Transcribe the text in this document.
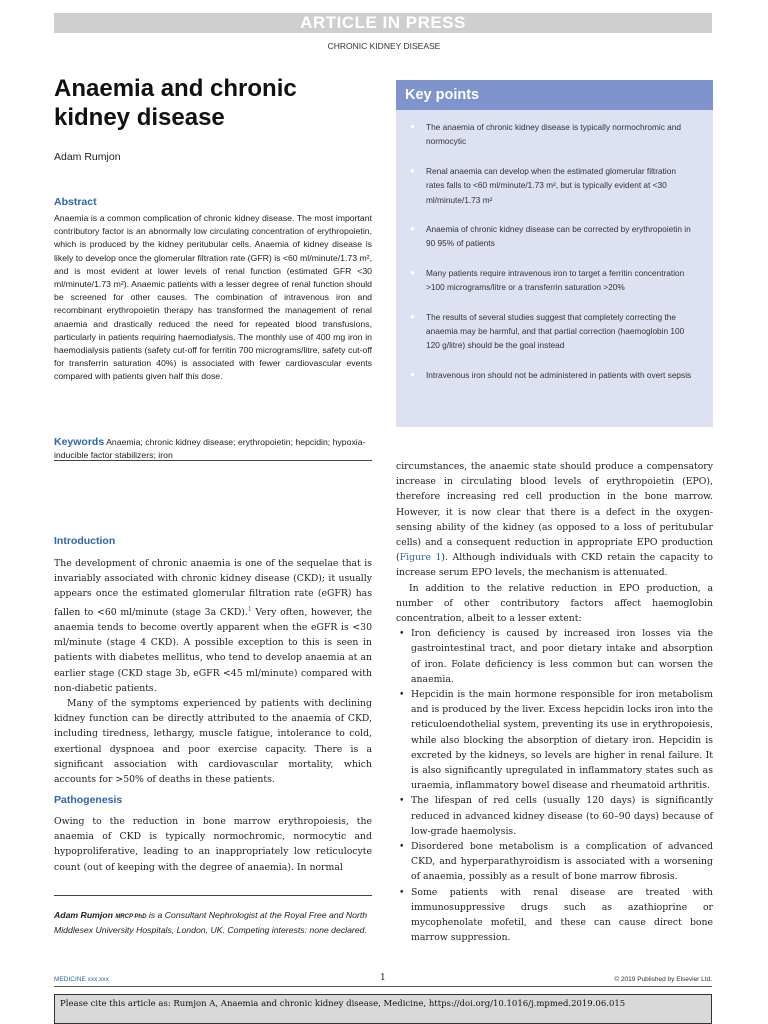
ARTICLE IN PRESS
CHRONIC KIDNEY DISEASE
Anaemia and chronic kidney disease
Adam Rumjon
Abstract
Anaemia is a common complication of chronic kidney disease. The most important contributory factor is an abnormally low circulating concentration of erythropoietin, which is produced by the kidney peritubular cells. Anaemia of kidney disease is likely to develop once the glomerular filtration rate (GFR) is <60 ml/minute/1.73 m², and is most evident at lower levels of renal function (estimated GFR <30 ml/minute/1.73 m²). Anaemic patients with a lesser degree of renal function should be screened for other causes. The combination of intravenous iron and recombinant erythropoietin therapy has transformed the management of renal anaemia and drastically reduced the need for repeated blood transfusions, particularly in patients requiring haemodialysis. The monthly use of 400 mg iron in haemodialysis patients (safety cut-off for ferritin 700 micrograms/litre, safety cut-off for transferrin saturation 40%) is associated with fewer cardiovascular events compared with patients given half this dose.
Keywords Anaemia; chronic kidney disease; erythropoietin; hepcidin; hypoxia-inducible factor stabilizers; iron
Key points
● The anaemia of chronic kidney disease is typically normochromic and normocytic
● Renal anaemia can develop when the estimated glomerular filtration rates falls to <60 ml/minute/1.73 m², but is typically evident at <30 ml/minute/1.73 m²
● Anaemia of chronic kidney disease can be corrected by erythropoietin in 90 95% of patients
● Many patients require intravenous iron to target a ferritin concentration >100 micrograms/litre or a transferrin saturation >20%
● The results of several studies suggest that completely correcting the anaemia may be harmful, and that partial correction (haemoglobin 100 120 g/litre) should be the goal instead
● Intravenous iron should not be administered in patients with overt sepsis
Introduction

The development of chronic anaemia is one of the sequelae that is invariably associated with chronic kidney disease (CKD); it usually appears once the estimated glomerular filtration rate (eGFR) has fallen to <60 ml/minute (stage 3a CKD).$^1$ Very often, however, the anaemia tends to become overtly apparent when the eGFR is <30 ml/minute (stage 4 CKD). A possible exception to this is seen in patients with diabetes mellitus, who tend to develop anaemia at an earlier stage (CKD stage 3b, eGFR <45 ml/minute) compared with non-diabetic patients.

Many of the symptoms experienced by patients with declining kidney function can be directly attributed to the anaemia of CKD, including tiredness, lethargy, muscle fatigue, intolerance to cold, exertional dyspnoea and poor exercise capacity. There is a significant association with cardiovascular mortality, which accounts for >50% of deaths in these patients.

Pathogenesis

Owing to the reduction in bone marrow erythropoiesis, the anaemia of CKD is typically normochromic, normocytic and hypoproliferative, leading to an inappropriately low reticulocyte count (out of keeping with the degree of anaemia). In normal

circumstances, the anaemic state should produce a compensatory increase in circulating blood levels of erythropoietin (EPO), therefore increasing red cell production in the bone marrow. However, it is now clear that there is a defect in the oxygen-sensing ability of the kidney (as opposed to a loss of peritubular cells) and a consequent reduction in appropriate EPO production (Figure 1). Although individuals with CKD retain the capacity to increase serum EPO levels, the mechanism is attenuated.

In addition to the relative reduction in EPO production, a number of other contributory factors affect haemoglobin concentration, albeit to a lesser extent:

• Iron deficiency is caused by increased iron losses via the gastrointestinal tract, and poor dietary intake and absorption of iron. Folate deficiency is less common but can worsen the anaemia.
• Hepcidin is the main hormone responsible for iron metabolism and is produced by the liver. Excess hepcidin locks iron into the reticuloendothelial system, preventing its use in erythropoiesis, while also blocking the absorption of dietary iron. Hepcidin is excreted by the kidneys, so levels are higher in renal failure. It is also significantly upregulated in inflammatory states such as uraemia, inflammatory bowel disease and rheumatoid arthritis.
• The lifespan of red cells (usually 120 days) is significantly reduced in advanced kidney disease (to 60–90 days) because of low-grade haemolysis.
• Disordered bone metabolism is a complication of advanced CKD, and hyperparathyroidism is associated with a worsening of anaemia, possibly as a result of bone marrow fibrosis.
• Some patients with renal disease are treated with immunosuppressive drugs such as azathioprine or mycophenolate mofetil, and these can cause direct bone marrow suppression.
Adam Rumjon MRCP PhD is a Consultant Nephrologist at the Royal Free and North Middlesex University Hospitals, London, UK. Competing interests: none declared.
MEDICINE xxx:xxx	1	© 2019 Published by Elsevier Ltd.
Please cite this article as: Rumjon A, Anaemia and chronic kidney disease, Medicine, https://doi.org/10.1016/j.mpmed.2019.06.015
